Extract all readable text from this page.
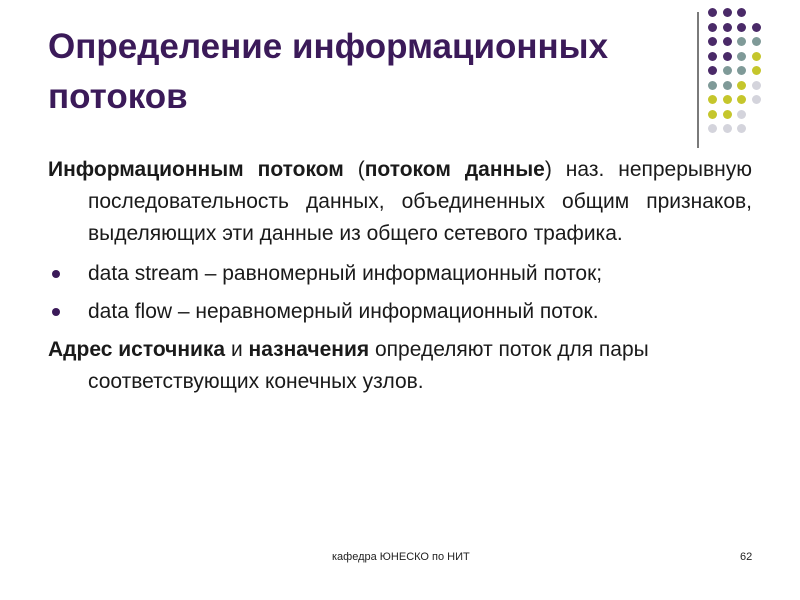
Определение информационных потоков

Информационным потоком (потоком данные) наз. непрерывную последовательность данных, объединенных общим признаков, выделяющих эти данные из общего сетевого трафика.

data stream – равномерный информационный поток;
data flow – неравномерный информационный поток.

Адрес источника и назначения определяют поток для пары соответствующих конечных узлов.

кафедра ЮНЕСКО по НИТ	62
